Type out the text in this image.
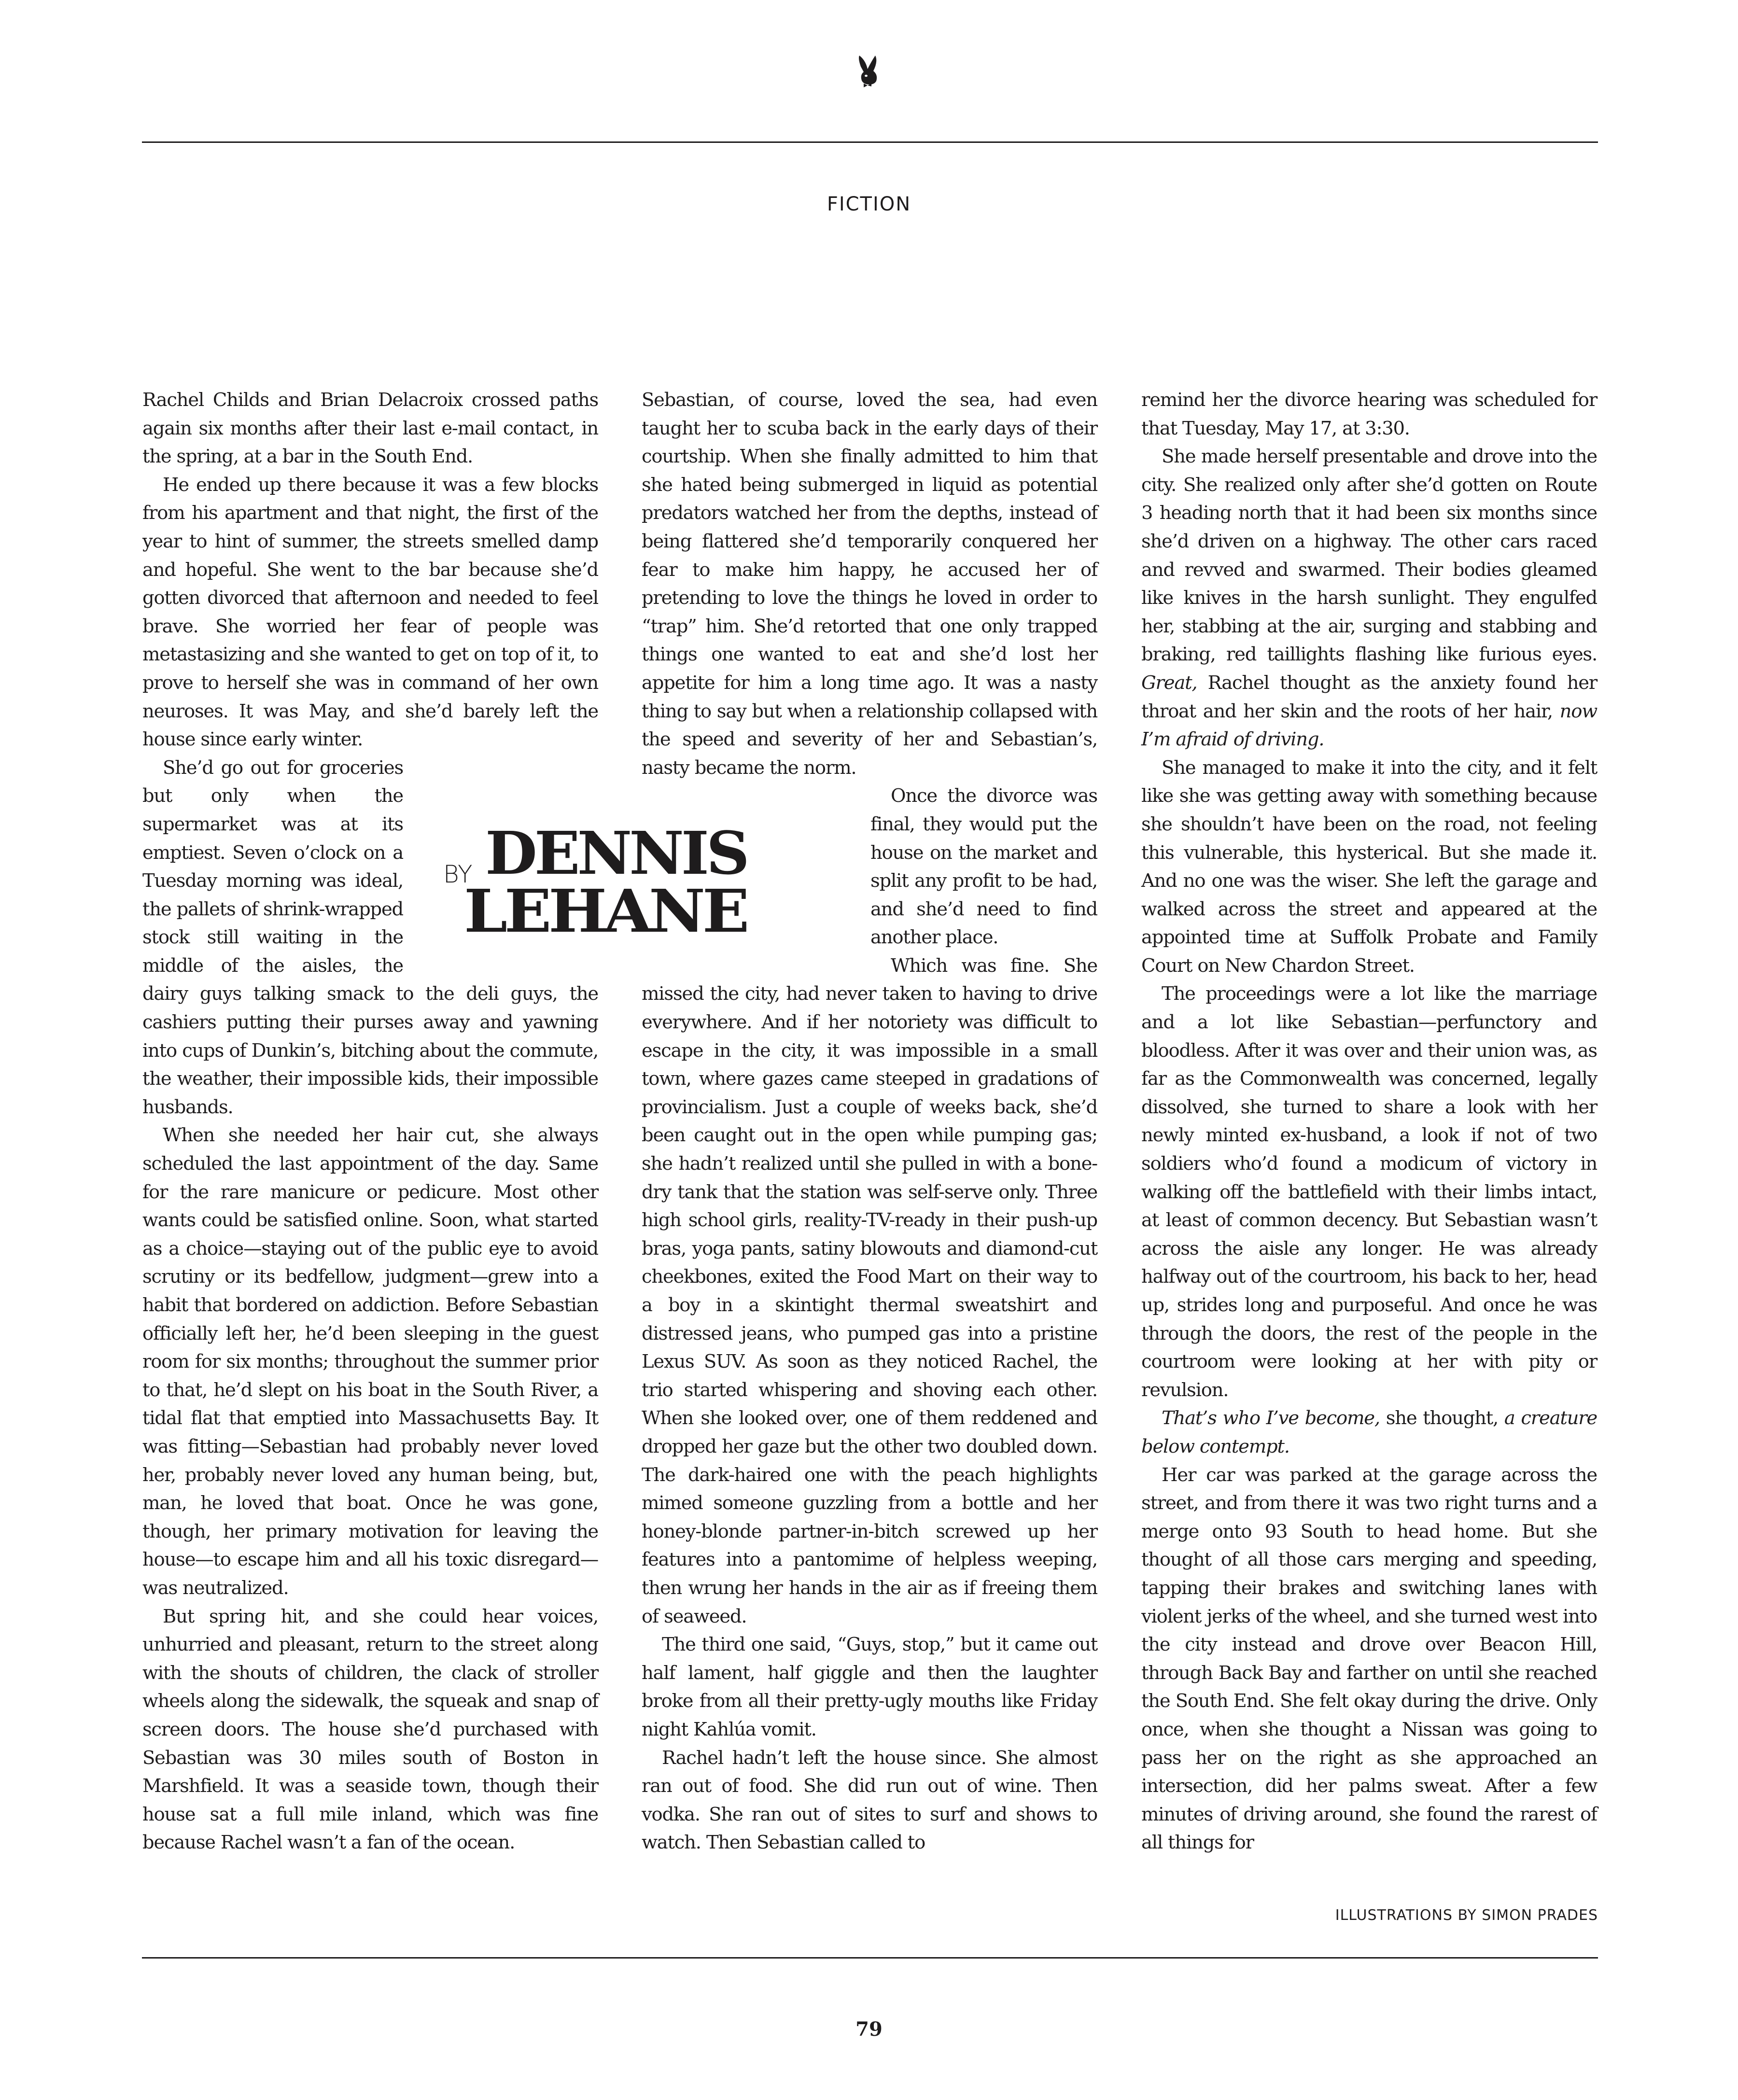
FICTION
BY DENNIS
LEHANE

Rachel Childs and Brian Delacroix crossed paths again six months after their last e-mail contact, in the spring, at a bar in the South End.

He ended up there because it was a few blocks from his apartment and that night, the first of the year to hint of summer, the streets smelled damp and hopeful. She went to the bar because she’d gotten divorced that afternoon and needed to feel brave. She worried her fear of people was metastasizing and she wanted to get on top of it, to prove to herself she was in command of her own neuroses. It was May, and she’d barely left the house since early winter.

She’d go out for groceries but only when the supermarket was at its emptiest. Seven o’clock on a Tuesday morning was ideal, the pallets of shrink-wrapped stock still waiting in the middle of the aisles, the dairy guys talking smack to the deli guys, the cashiers putting their purses away and yawning into cups of Dunkin’s, bitching about the commute, the weather, their impossible kids, their impossible husbands.

When she needed her hair cut, she always scheduled the last appointment of the day. Same for the rare manicure or pedicure. Most other wants could be satisfied online. Soon, what started as a choice—staying out of the public eye to avoid scrutiny or its bedfellow, judgment—grew into a habit that bordered on addiction. Before Sebastian officially left her, he’d been sleeping in the guest room for six months; throughout the summer prior to that, he’d slept on his boat in the South River, a tidal flat that emptied into Massachusetts Bay. It was fitting—Sebastian had probably never loved her, probably never loved any human being, but, man, he loved that boat. Once he was gone, though, her primary motivation for leaving the house—to escape him and all his toxic disregard—was neutralized.

But spring hit, and she could hear voices, unhurried and pleasant, return to the street along with the shouts of children, the clack of stroller wheels along the sidewalk, the squeak and snap of screen doors. The house she’d purchased with Sebastian was 30 miles south of Boston in Marshfield. It was a seaside town, though their house sat a full mile inland, which was fine because Rachel wasn’t a fan of the ocean.

Sebastian, of course, loved the sea, had even taught her to scuba back in the early days of their courtship. When she finally admitted to him that she hated being submerged in liquid as potential predators watched her from the depths, instead of being flattered she’d temporarily conquered her fear to make him happy, he accused her of pretending to love the things he loved in order to “trap” him. She’d retorted that one only trapped things one wanted to eat and she’d lost her appetite for him a long time ago. It was a nasty thing to say but when a relationship collapsed with the speed and severity of her and Sebastian’s, nasty became the norm.

Once the divorce was final, they would put the house on the market and split any profit to be had, and she’d need to find another place.

Which was fine. She missed the city, had never taken to having to drive everywhere. And if her notoriety was difficult to escape in the city, it was impossible in a small town, where gazes came steeped in gradations of provincialism. Just a couple of weeks back, she’d been caught out in the open while pumping gas; she hadn’t realized until she pulled in with a bone-dry tank that the station was self-serve only. Three high school girls, reality-TV-ready in their push-up bras, yoga pants, satiny blowouts and diamond-cut cheekbones, exited the Food Mart on their way to a boy in a skintight thermal sweatshirt and distressed jeans, who pumped gas into a pristine Lexus SUV. As soon as they noticed Rachel, the trio started whispering and shoving each other. When she looked over, one of them reddened and dropped her gaze but the other two doubled down. The dark-haired one with the peach highlights mimed someone guzzling from a bottle and her honey-blonde partner-in-bitch screwed up her features into a pantomime of helpless weeping, then wrung her hands in the air as if freeing them of seaweed.

The third one said, “Guys, stop,” but it came out half lament, half giggle and then the laughter broke from all their pretty-ugly mouths like Friday night Kahlúa vomit.

Rachel hadn’t left the house since. She almost ran out of food. She did run out of wine. Then vodka. She ran out of sites to surf and shows to watch. Then Sebastian called to

remind her the divorce hearing was scheduled for that Tuesday, May 17, at 3:30.

She made herself presentable and drove into the city. She realized only after she’d gotten on Route 3 heading north that it had been six months since she’d driven on a highway. The other cars raced and revved and swarmed. Their bodies gleamed like knives in the harsh sunlight. They engulfed her, stabbing at the air, surging and stabbing and braking, red taillights flashing like furious eyes. Great, Rachel thought as the anxiety found her throat and her skin and the roots of her hair, now I’m afraid of driving.

She managed to make it into the city, and it felt like she was getting away with something because she shouldn’t have been on the road, not feeling this vulnerable, this hysterical. But she made it. And no one was the wiser. She left the garage and walked across the street and appeared at the appointed time at Suffolk Probate and Family Court on New Chardon Street.

The proceedings were a lot like the marriage and a lot like Sebastian—perfunctory and bloodless. After it was over and their union was, as far as the Commonwealth was concerned, legally dissolved, she turned to share a look with her newly minted ex-husband, a look if not of two soldiers who’d found a modicum of victory in walking off the battlefield with their limbs intact, at least of common decency. But Sebastian wasn’t across the aisle any longer. He was already halfway out of the courtroom, his back to her, head up, strides long and purposeful. And once he was through the doors, the rest of the people in the courtroom were looking at her with pity or revulsion.

That’s who I’ve become, she thought, a creature below contempt.

Her car was parked at the garage across the street, and from there it was two right turns and a merge onto 93 South to head home. But she thought of all those cars merging and speeding, tapping their brakes and switching lanes with violent jerks of the wheel, and she turned west into the city instead and drove over Beacon Hill, through Back Bay and farther on until she reached the South End. She felt okay during the drive. Only once, when she thought a Nissan was going to pass her on the right as she approached an intersection, did her palms sweat. After a few minutes of driving around, she found the rarest of all things for

ILLUSTRATIONS BY SIMON PRADES
79
